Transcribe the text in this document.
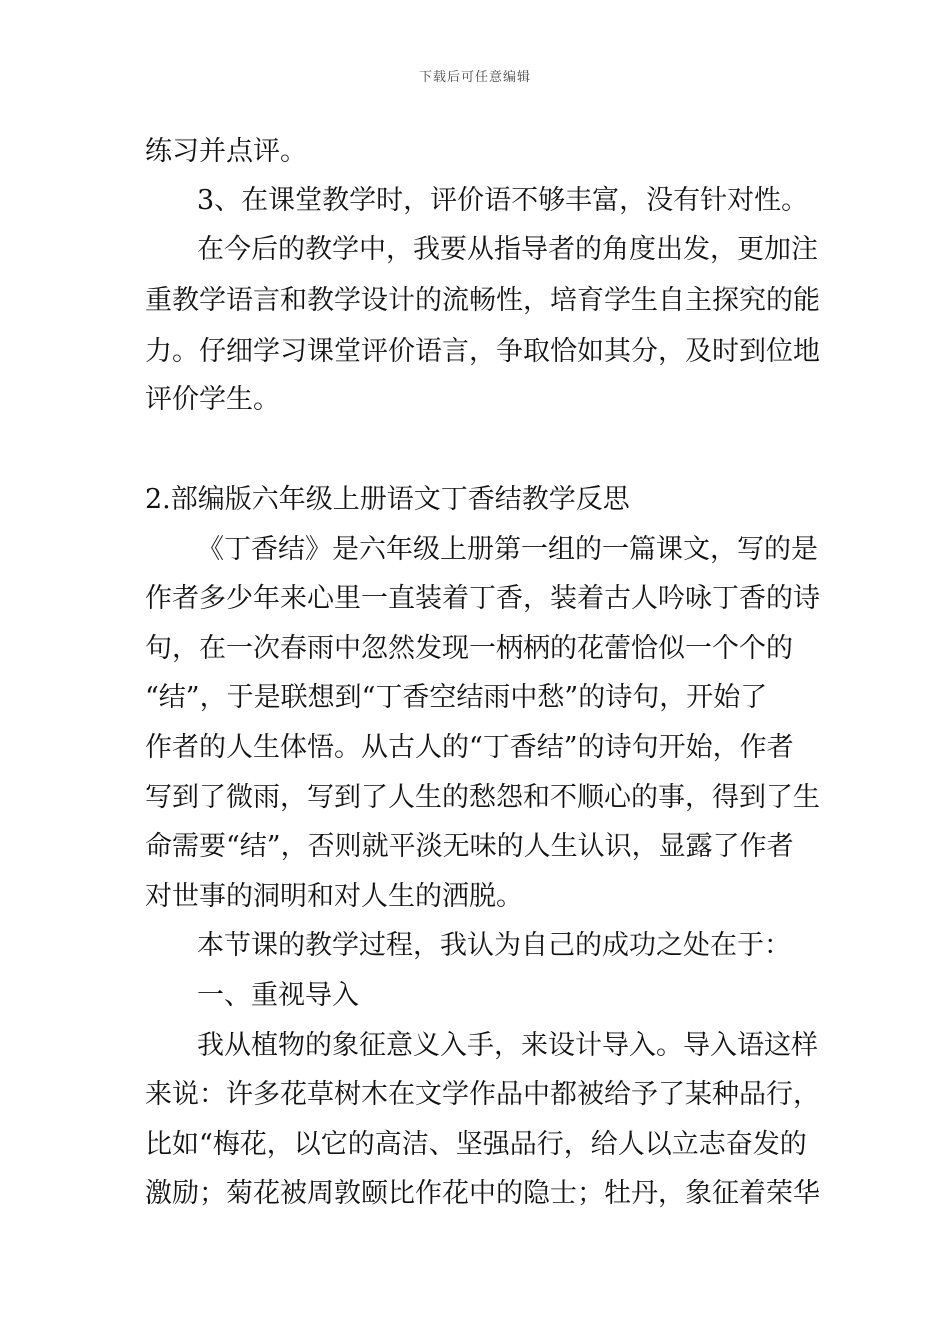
下载后可任意编辑
练习并点评。
3、在课堂教学时，评价语不够丰富，没有针对性。
在今后的教学中，我要从指导者的角度出发，更加注
重教学语言和教学设计的流畅性，培育学生自主探究的能
力。仔细学习课堂评价语言，争取恰如其分，及时到位地
评价学生。
2.部编版六年级上册语文丁香结教学反思
《丁香结》是六年级上册第一组的一篇课文，写的是
作者多少年来心里一直装着丁香，装着古人吟咏丁香的诗
句，在一次春雨中忽然发现一柄柄的花蕾恰似一个个的
“结”，于是联想到“丁香空结雨中愁”的诗句，开始了
作者的人生体悟。从古人的“丁香结”的诗句开始，作者
写到了微雨，写到了人生的愁怨和不顺心的事，得到了生
命需要“结”，否则就平淡无味的人生认识，显露了作者
对世事的洞明和对人生的洒脱。
本节课的教学过程，我认为自己的成功之处在于：
一、重视导入
我从植物的象征意义入手，来设计导入。导入语这样
来说：许多花草树木在文学作品中都被给予了某种品行，
比如“梅花，以它的高洁、坚强品行，给人以立志奋发的
激励；菊花被周敦颐比作花中的隐士；牡丹，象征着荣华
